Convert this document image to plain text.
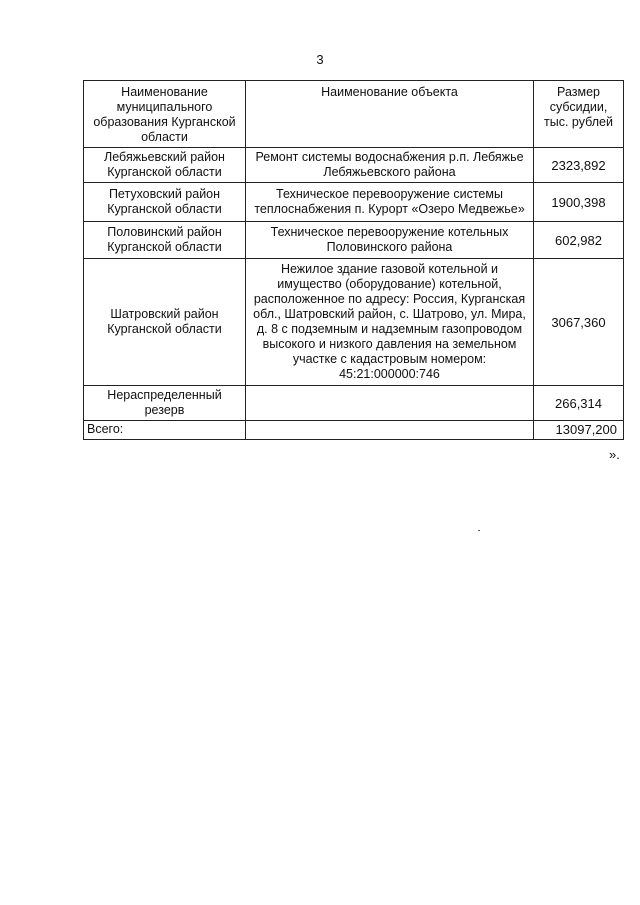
3
Наименование муниципального образования Курганской области	Наименование объекта	Размер субсидии, тыс. рублей
Лебяжьевский район Курганской области	Ремонт системы водоснабжения р.п. Лебяжье Лебяжьевского района	2323,892
Петуховский район Курганской области	Техническое перевооружение системы теплоснабжения п. Курорт «Озеро Медвежье»	1900,398
Половинский район Курганской области	Техническое перевооружение котельных Половинского района	602,982
Шатровский район Курганской области	Нежилое здание газовой котельной и имущество (оборудование) котельной, расположенное по адресу: Россия, Курганская обл., Шатровский район, с. Шатрово, ул. Мира, д. 8 с подземным и надземным газопроводом высокого и низкого давления на земельном участке с кадастровым номером: 45:21:000000:746	3067,360
Нераспределенный резерв		266,314
Всего:		13097,200
».
